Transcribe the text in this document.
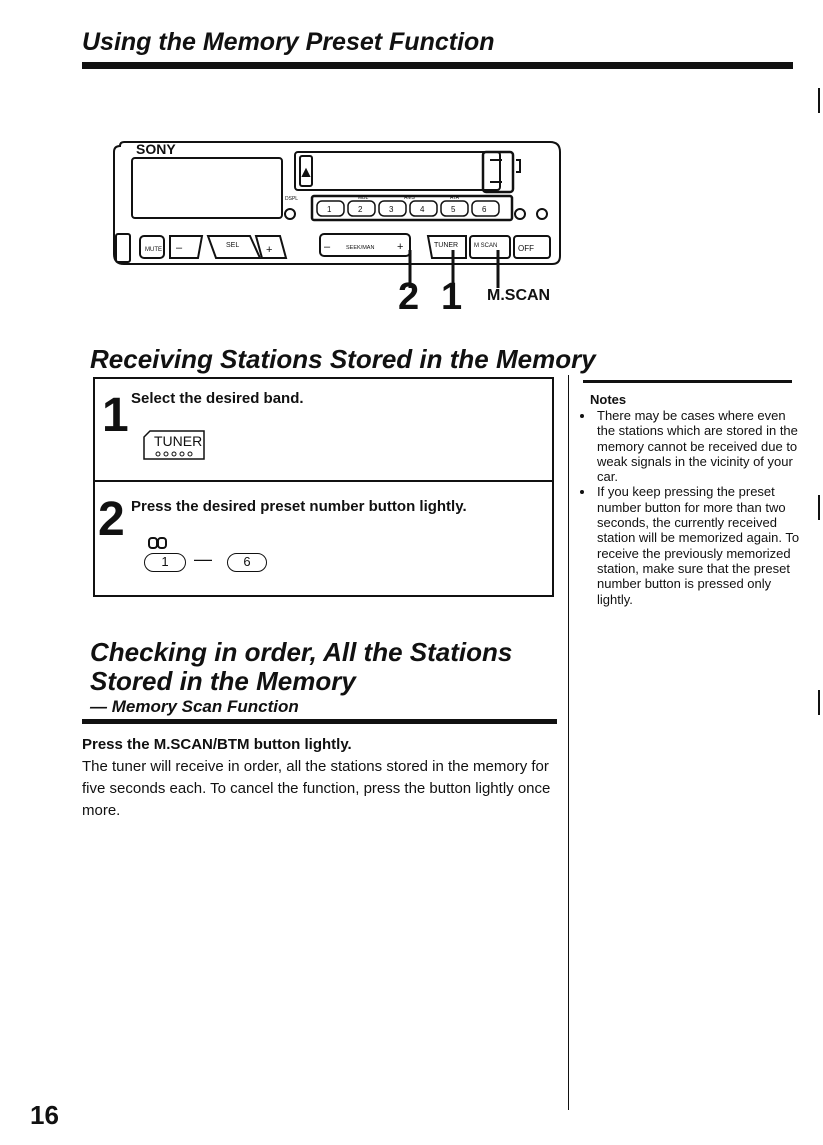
Using the Memory Preset Function
SONY
MUTE –	SEL +	–	SEEK/MAN +	TUNER	M SCAN	OFF
DSPL	MBL	AMS	ATA
1	2	3	4	5	6
2 1 M.SCAN
Receiving Stations Stored in the Memory
1 Select the desired band.
TUNER
2 Press the desired preset number button lightly.
1	—	6
Checking in order, All the Stations
Stored in the Memory
— Memory Scan Function
Press the M.SCAN/BTM button lightly.
The tuner will receive in order, all the stations stored in the memory for five seconds each. To cancel the function, press the button lightly once more.
Notes
• There may be cases where even the stations which are stored in the memory cannot be received due to weak signals in the vicinity of your car.
• If you keep pressing the preset number button for more than two seconds, the currently received station will be memorized again. To receive the previously memorized station, make sure that the preset number button is pressed only lightly.
16
